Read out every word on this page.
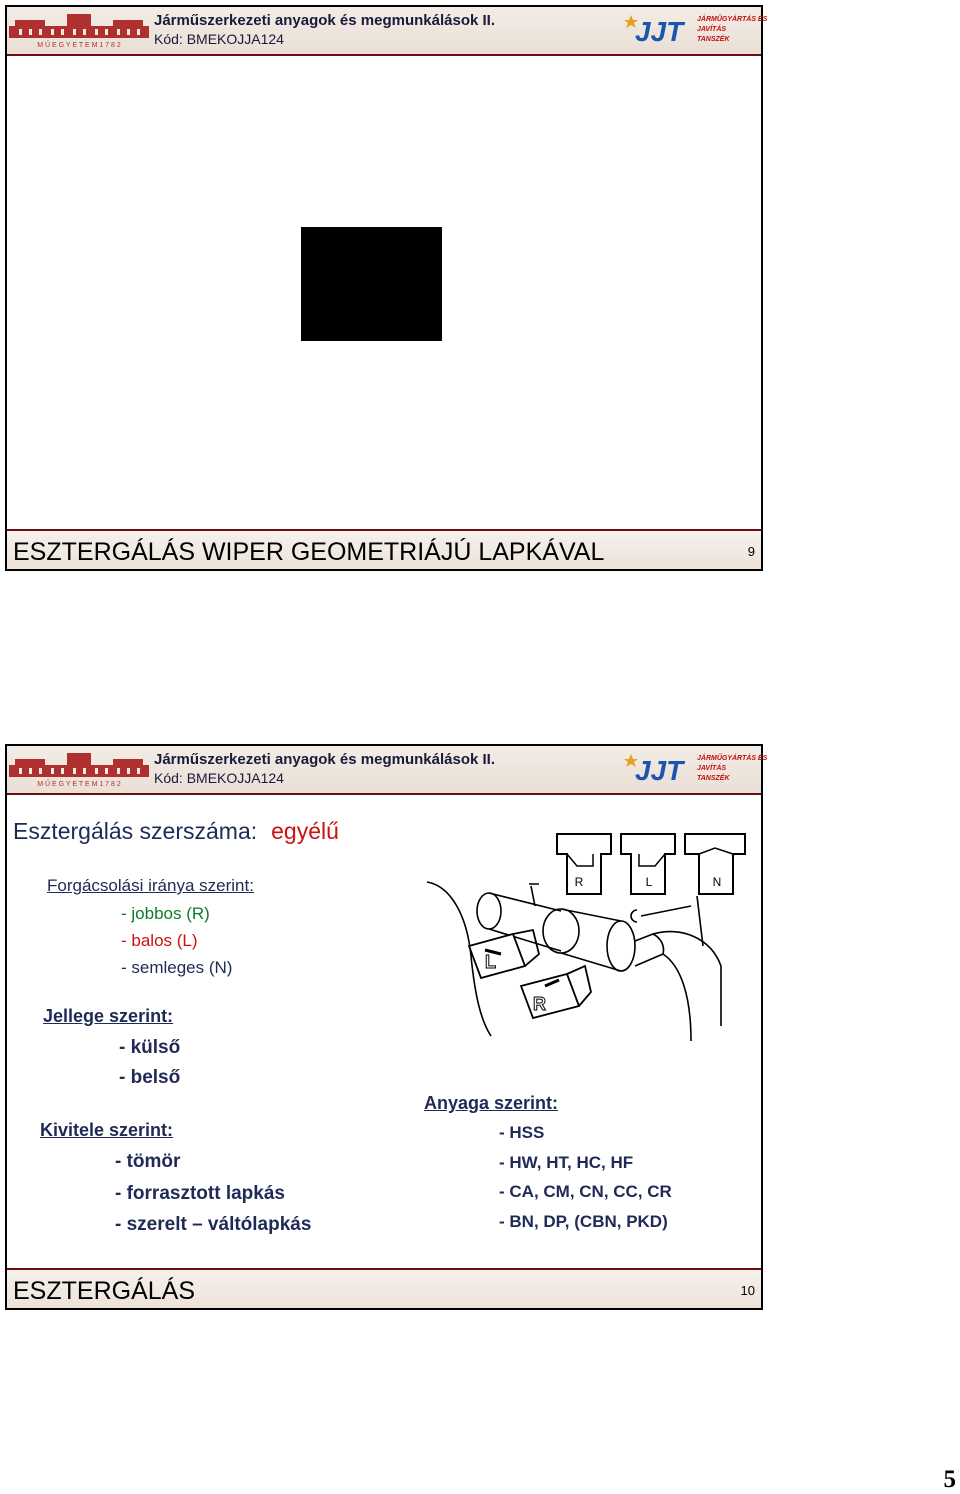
M Ű E G Y E T E M 1 7 8 2
Járműszerkezeti anyagok és megmunkálások II.
Kód: BMEKOJJA124	JJT	JÁRMŰGYÁRTÁS ÉS
JAVÍTÁS
TANSZÉK
ESZTERGÁLÁS WIPER GEOMETRIÁJÚ LAPKÁVAL	9
M Ű E G Y E T E M 1 7 8 2
Járműszerkezeti anyagok és megmunkálások II.
Kód: BMEKOJJA124	JJT	JÁRMŰGYÁRTÁS ÉS
JAVÍTÁS
TANSZÉK
Esztergálás szerszáma: egyélű
Forgácsolási iránya szerint:
- jobbos (R)
- balos (L)
- semleges (N)
Jellege szerint:
- külső
- belső
Kivitele szerint:
- tömör
- forrasztott lapkás
- szerelt – váltólapkás
Anyaga szerint:
- HSS
- HW, HT, HC, HF
- CA, CM, CN, CC, CR
- BN, DP, (CBN, PKD)
R	L	N
L
R
ESZTERGÁLÁS	10
5
